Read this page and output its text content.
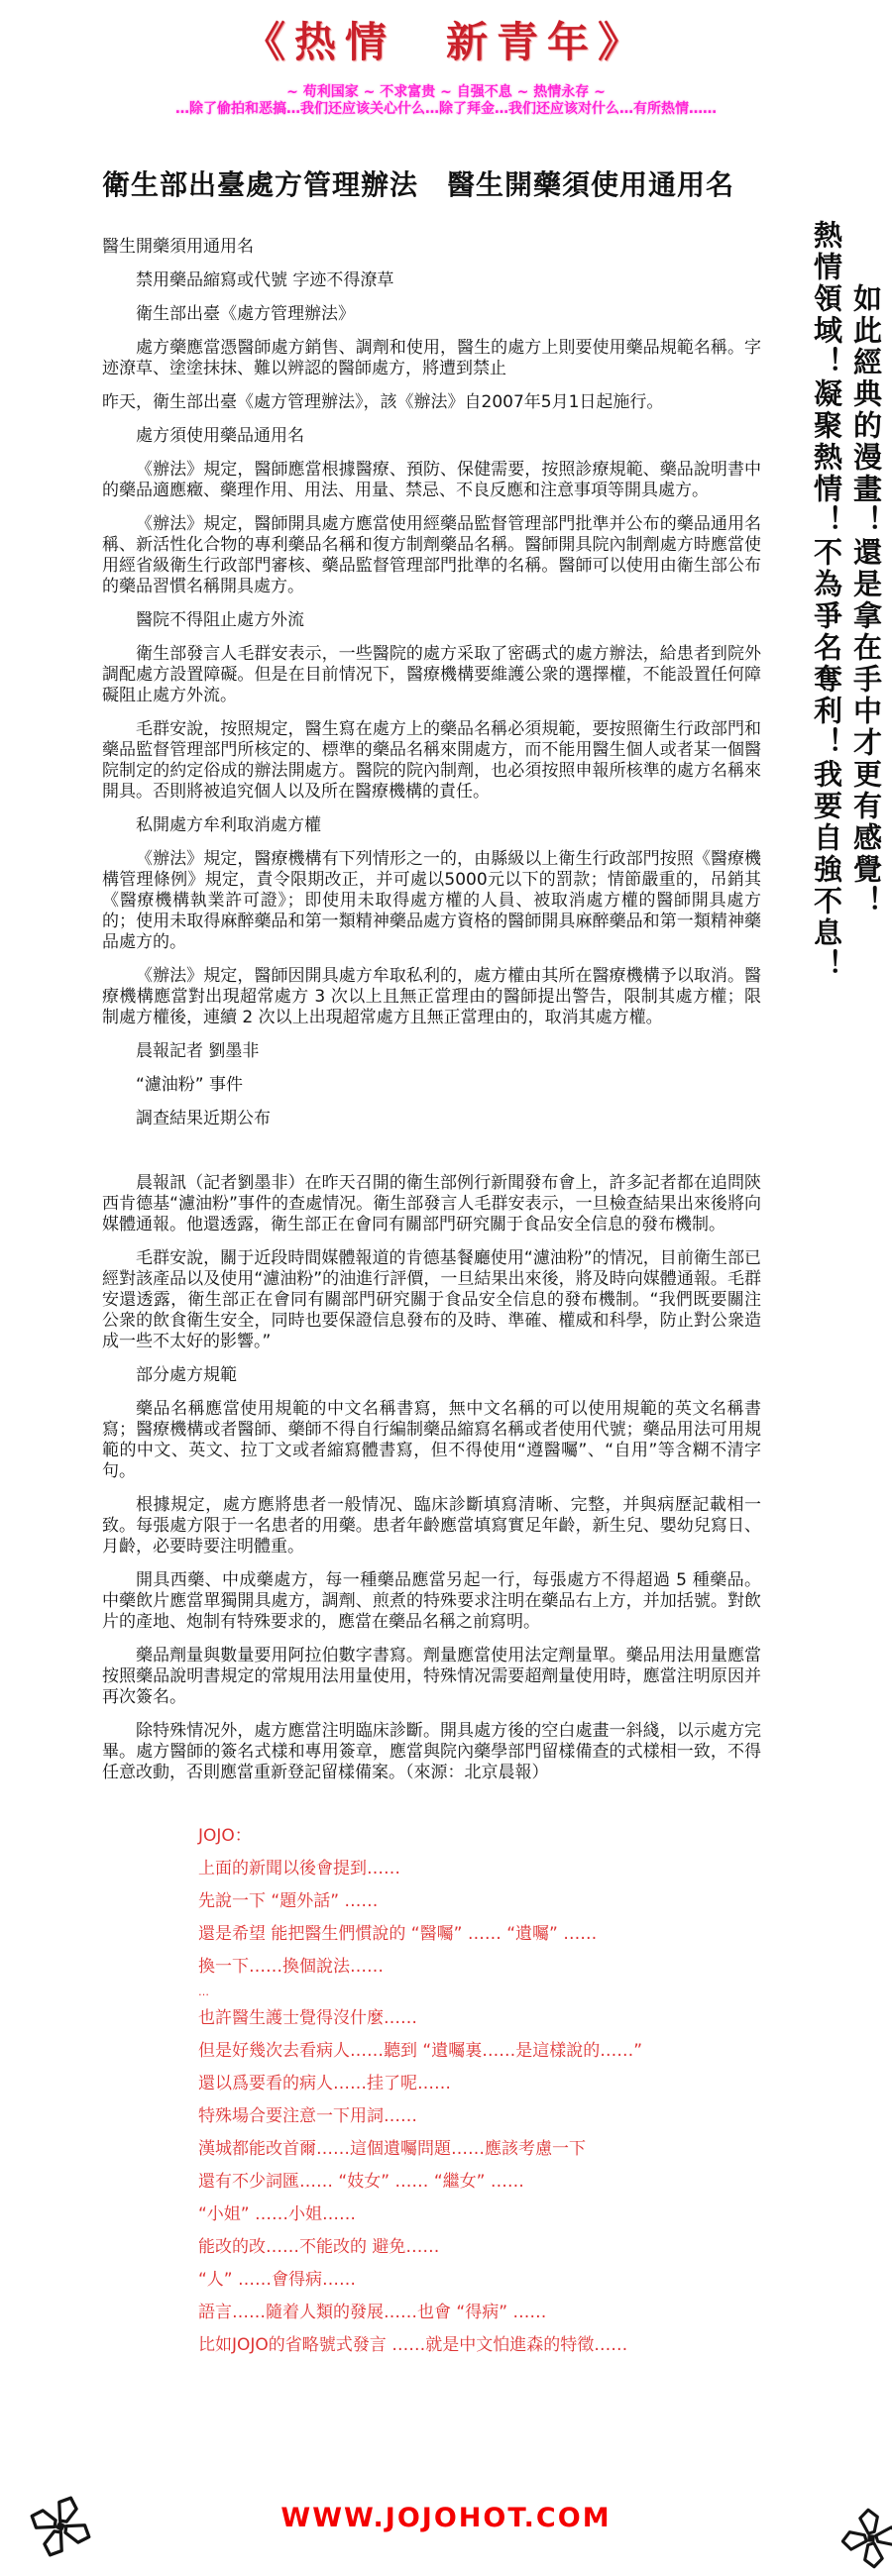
《热情　新青年》
~ 苟利国家 ~ 不求富贵 ~ 自强不息 ~ 热情永存 ~
…除了偷拍和恶搞…我们还应该关心什么…除了拜金…我们还应该对什么…有所热情……
如此經典的漫畫！還是拿在手中才更有感覺！
熱情領域！凝聚熱情！不為爭名奪利！我要自強不息！
衛生部出臺處方管理辦法　醫生開藥須使用通用名

醫生開藥須用通用名

禁用藥品縮寫或代號 字迹不得潦草

衛生部出臺《處方管理辦法》

處方藥應當憑醫師處方銷售、調劑和使用，醫生的處方上則要使用藥品規範名稱。字迹潦草、塗塗抹抹、難以辨認的醫師處方，將遭到禁止

昨天，衛生部出臺《處方管理辦法》，該《辦法》自2007年5月1日起施行。

處方須使用藥品通用名

《辦法》規定，醫師應當根據醫療、預防、保健需要，按照診療規範、藥品說明書中的藥品適應癥、藥理作用、用法、用量、禁忌、不良反應和注意事項等開具處方。

《辦法》規定，醫師開具處方應當使用經藥品監督管理部門批準并公布的藥品通用名稱、新活性化合物的專利藥品名稱和復方制劑藥品名稱。醫師開具院內制劑處方時應當使用經省級衛生行政部門審核、藥品監督管理部門批準的名稱。醫師可以使用由衛生部公布的藥品習慣名稱開具處方。

醫院不得阻止處方外流

衛生部發言人毛群安表示，一些醫院的處方采取了密碼式的處方辦法，給患者到院外調配處方設置障礙。但是在目前情况下，醫療機構要維護公衆的選擇權，不能設置任何障礙阻止處方外流。

毛群安說，按照規定，醫生寫在處方上的藥品名稱必須規範，要按照衛生行政部門和藥品監督管理部門所核定的、標準的藥品名稱來開處方，而不能用醫生個人或者某一個醫院制定的約定俗成的辦法開處方。醫院的院內制劑，也必須按照申報所核準的處方名稱來開具。否則將被追究個人以及所在醫療機構的責任。

私開處方牟利取消處方權

《辦法》規定，醫療機構有下列情形之一的，由縣級以上衛生行政部門按照《醫療機構管理條例》規定，責令限期改正，并可處以5000元以下的罰款；情節嚴重的，吊銷其《醫療機構執業許可證》；即使用未取得處方權的人員、被取消處方權的醫師開具處方的；使用未取得麻醉藥品和第一類精神藥品處方資格的醫師開具麻醉藥品和第一類精神藥品處方的。

《辦法》規定，醫師因開具處方牟取私利的，處方權由其所在醫療機構予以取消。醫療機構應當對出現超常處方 3 次以上且無正當理由的醫師提出警告，限制其處方權；限制處方權後，連續 2 次以上出現超常處方且無正當理由的，取消其處方權。

晨報記者 劉墨非

“濾油粉” 事件

調查結果近期公布

晨報訊（記者劉墨非）在昨天召開的衛生部例行新聞發布會上，許多記者都在追問陝西肯德基“濾油粉”事件的查處情况。衛生部發言人毛群安表示，一旦檢查結果出來後將向媒體通報。他還透露，衛生部正在會同有關部門研究關于食品安全信息的發布機制。

毛群安說，關于近段時間媒體報道的肯德基餐廳使用“濾油粉”的情况，目前衛生部已經對該產品以及使用“濾油粉”的油進行評價，一旦結果出來後，將及時向媒體通報。毛群安還透露，衛生部正在會同有關部門研究關于食品安全信息的發布機制。“我們既要關注公衆的飲食衛生安全，同時也要保證信息發布的及時、準確、權威和科學，防止對公衆造成一些不太好的影響。”

部分處方規範

藥品名稱應當使用規範的中文名稱書寫，無中文名稱的可以使用規範的英文名稱書寫；醫療機構或者醫師、藥師不得自行編制藥品縮寫名稱或者使用代號；藥品用法可用規範的中文、英文、拉丁文或者縮寫體書寫，但不得使用“遵醫囑”、“自用”等含糊不清字句。

根據規定，處方應將患者一般情况、臨床診斷填寫清晰、完整，并與病歷記載相一致。每張處方限于一名患者的用藥。患者年齡應當填寫實足年齡，新生兒、嬰幼兒寫日、月齡，必要時要注明體重。

開具西藥、中成藥處方，每一種藥品應當另起一行，每張處方不得超過 5 種藥品。中藥飲片應當單獨開具處方，調劑、煎煮的特殊要求注明在藥品右上方，并加括號。對飲片的產地、炮制有特殊要求的，應當在藥品名稱之前寫明。

藥品劑量與數量要用阿拉伯數字書寫。劑量應當使用法定劑量單。藥品用法用量應當按照藥品說明書規定的常規用法用量使用，特殊情况需要超劑量使用時，應當注明原因并再次簽名。

除特殊情况外，處方應當注明臨床診斷。開具處方後的空白處畫一斜綫，以示處方完畢。處方醫師的簽名式樣和專用簽章，應當與院內藥學部門留樣備查的式樣相一致，不得任意改動，否則應當重新登記留樣備案。（來源：北京晨報）

JOJO：

上面的新聞以後會提到……

先說一下 “題外話” ……

還是希望 能把醫生們慣說的 “醫囑” …… “遺囑” ……

換一下……換個說法……

…

也許醫生護士覺得沒什麼……

但是好幾次去看病人……聽到 “遺囑裏……是這樣說的……”

還以爲要看的病人……挂了呢……

特殊場合要注意一下用詞……

漢城都能改首爾……這個遺囑問題……應該考慮一下

還有不少詞匯…… “妓女” …… “繼女” ……

“小姐” ……小姐……

能改的改……不能改的 避免……

“人” ……會得病……

語言……隨着人類的發展……也會 “得病” ……

比如JOJO的省略號式發言 ……就是中文怕進森的特徵……

WWW.JOJOHOT.COM
